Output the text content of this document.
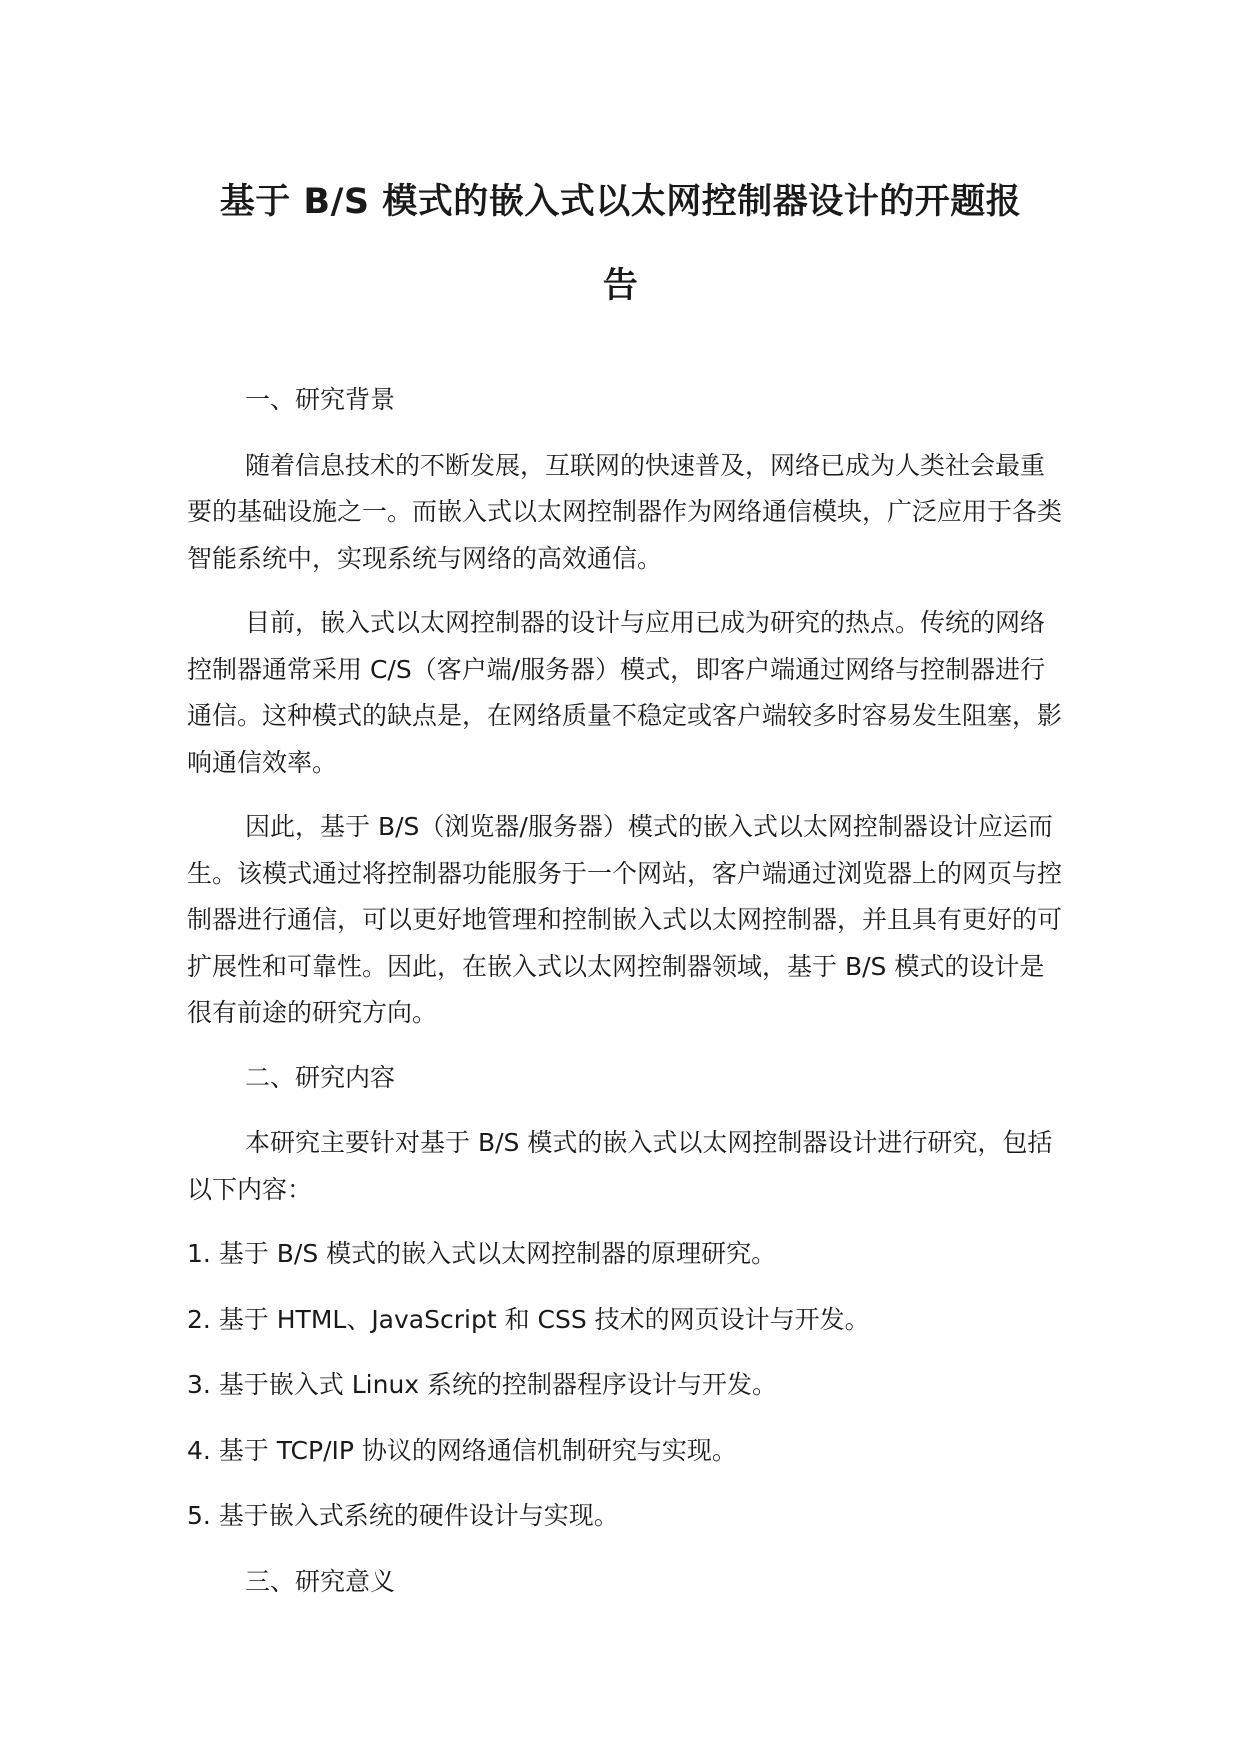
基于 B/S 模式的嵌入式以太网控制器设计的开题报
告

一、研究背景

随着信息技术的不断发展，互联网的快速普及，网络已成为人类社会最重要的基础设施之一。而嵌入式以太网控制器作为网络通信模块，广泛应用于各类智能系统中，实现系统与网络的高效通信。

目前，嵌入式以太网控制器的设计与应用已成为研究的热点。传统的网络控制器通常采用 C/S（客户端/服务器）模式，即客户端通过网络与控制器进行通信。这种模式的缺点是，在网络质量不稳定或客户端较多时容易发生阻塞，影响通信效率。

因此，基于 B/S（浏览器/服务器）模式的嵌入式以太网控制器设计应运而生。该模式通过将控制器功能服务于一个网站，客户端通过浏览器上的网页与控制器进行通信，可以更好地管理和控制嵌入式以太网控制器，并且具有更好的可扩展性和可靠性。因此，在嵌入式以太网控制器领域，基于 B/S 模式的设计是很有前途的研究方向。

二、研究内容

本研究主要针对基于 B/S 模式的嵌入式以太网控制器设计进行研究，包括以下内容：

1. 基于 B/S 模式的嵌入式以太网控制器的原理研究。

2. 基于 HTML、JavaScript 和 CSS 技术的网页设计与开发。

3. 基于嵌入式 Linux 系统的控制器程序设计与开发。

4. 基于 TCP/IP 协议的网络通信机制研究与实现。

5. 基于嵌入式系统的硬件设计与实现。

三、研究意义
